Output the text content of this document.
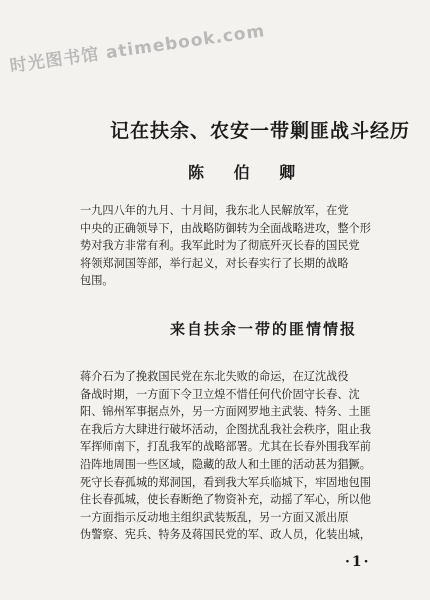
时光图书馆 atimebook.com
记在扶余、农安一带剿匪战斗经历
陈 伯 卿
一九四八年的九月、十月间，我东北人民解放军，在党
中央的正确领导下，由战略防御转为全面战略进攻，整个形
势对我方非常有利。我军此时为了彻底歼灭长春的国民党
将领郑洞国等部，举行起义，对长春实行了长期的战略
包围。
来自扶余一带的匪情情报
蒋介石为了挽救国民党在东北失败的命运，在辽沈战役
备战时期，一方面下令卫立煌不惜任何代价固守长春、沈
阳、锦州军事据点外，另一方面网罗地主武装、特务、土匪
在我后方大肆进行破坏活动，企图扰乱我社会秩序，阻止我
军挥师南下，打乱我军的战略部署。尤其在长春外围我军前
沿阵地周围一些区域，隐藏的敌人和土匪的活动甚为猖獗。
死守长春孤城的郑洞国，看到我大军兵临城下，牢固地包围
住长春孤城，使长春断绝了物资补充，动摇了军心，所以他
一方面指示反动地主组织武装叛乱，另一方面又派出原
伪警察、宪兵、特务及蒋国民党的军、政人员，化装出城，
·1·
